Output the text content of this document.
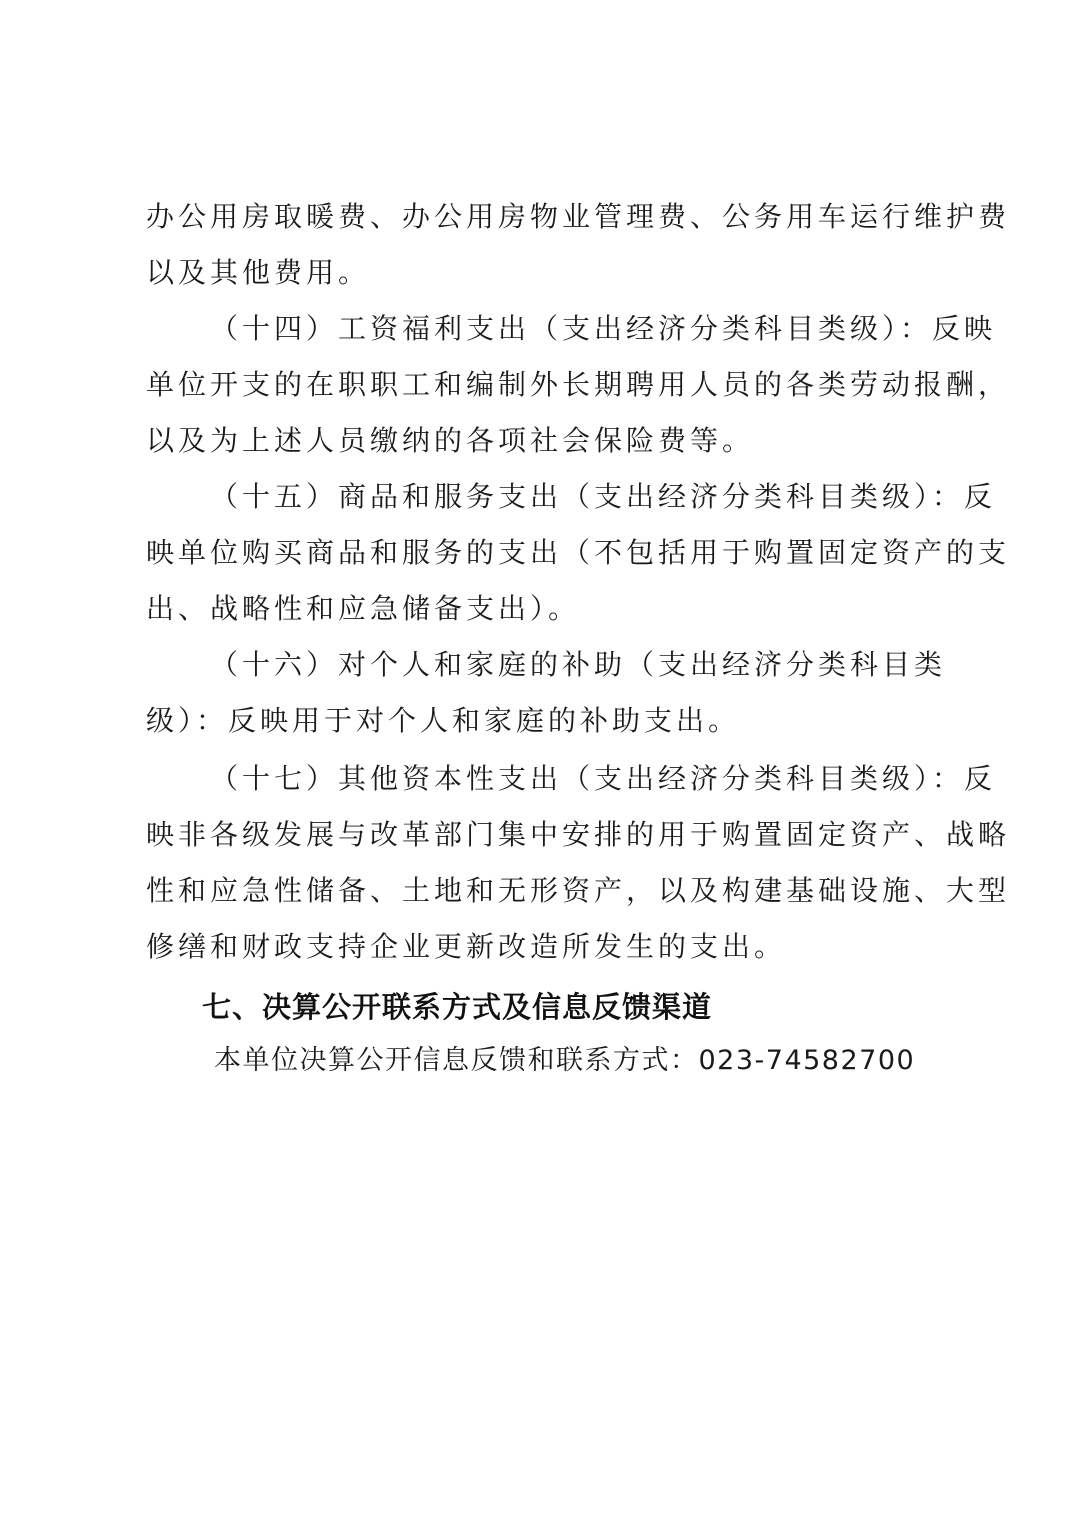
办公用房取暖费、办公用房物业管理费、公务用车运行维护费
以及其他费用。
（十四）工资福利支出（支出经济分类科目类级）：反映
单位开支的在职职工和编制外长期聘用人员的各类劳动报酬，
以及为上述人员缴纳的各项社会保险费等。
（十五）商品和服务支出（支出经济分类科目类级）：反
映单位购买商品和服务的支出（不包括用于购置固定资产的支
出、战略性和应急储备支出）。
（十六）对个人和家庭的补助（支出经济分类科目类
级）：反映用于对个人和家庭的补助支出。
（十七）其他资本性支出（支出经济分类科目类级）：反
映非各级发展与改革部门集中安排的用于购置固定资产、战略
性和应急性储备、土地和无形资产，以及构建基础设施、大型
修缮和财政支持企业更新改造所发生的支出。
七、决算公开联系方式及信息反馈渠道
本单位决算公开信息反馈和联系方式：023-74582700
